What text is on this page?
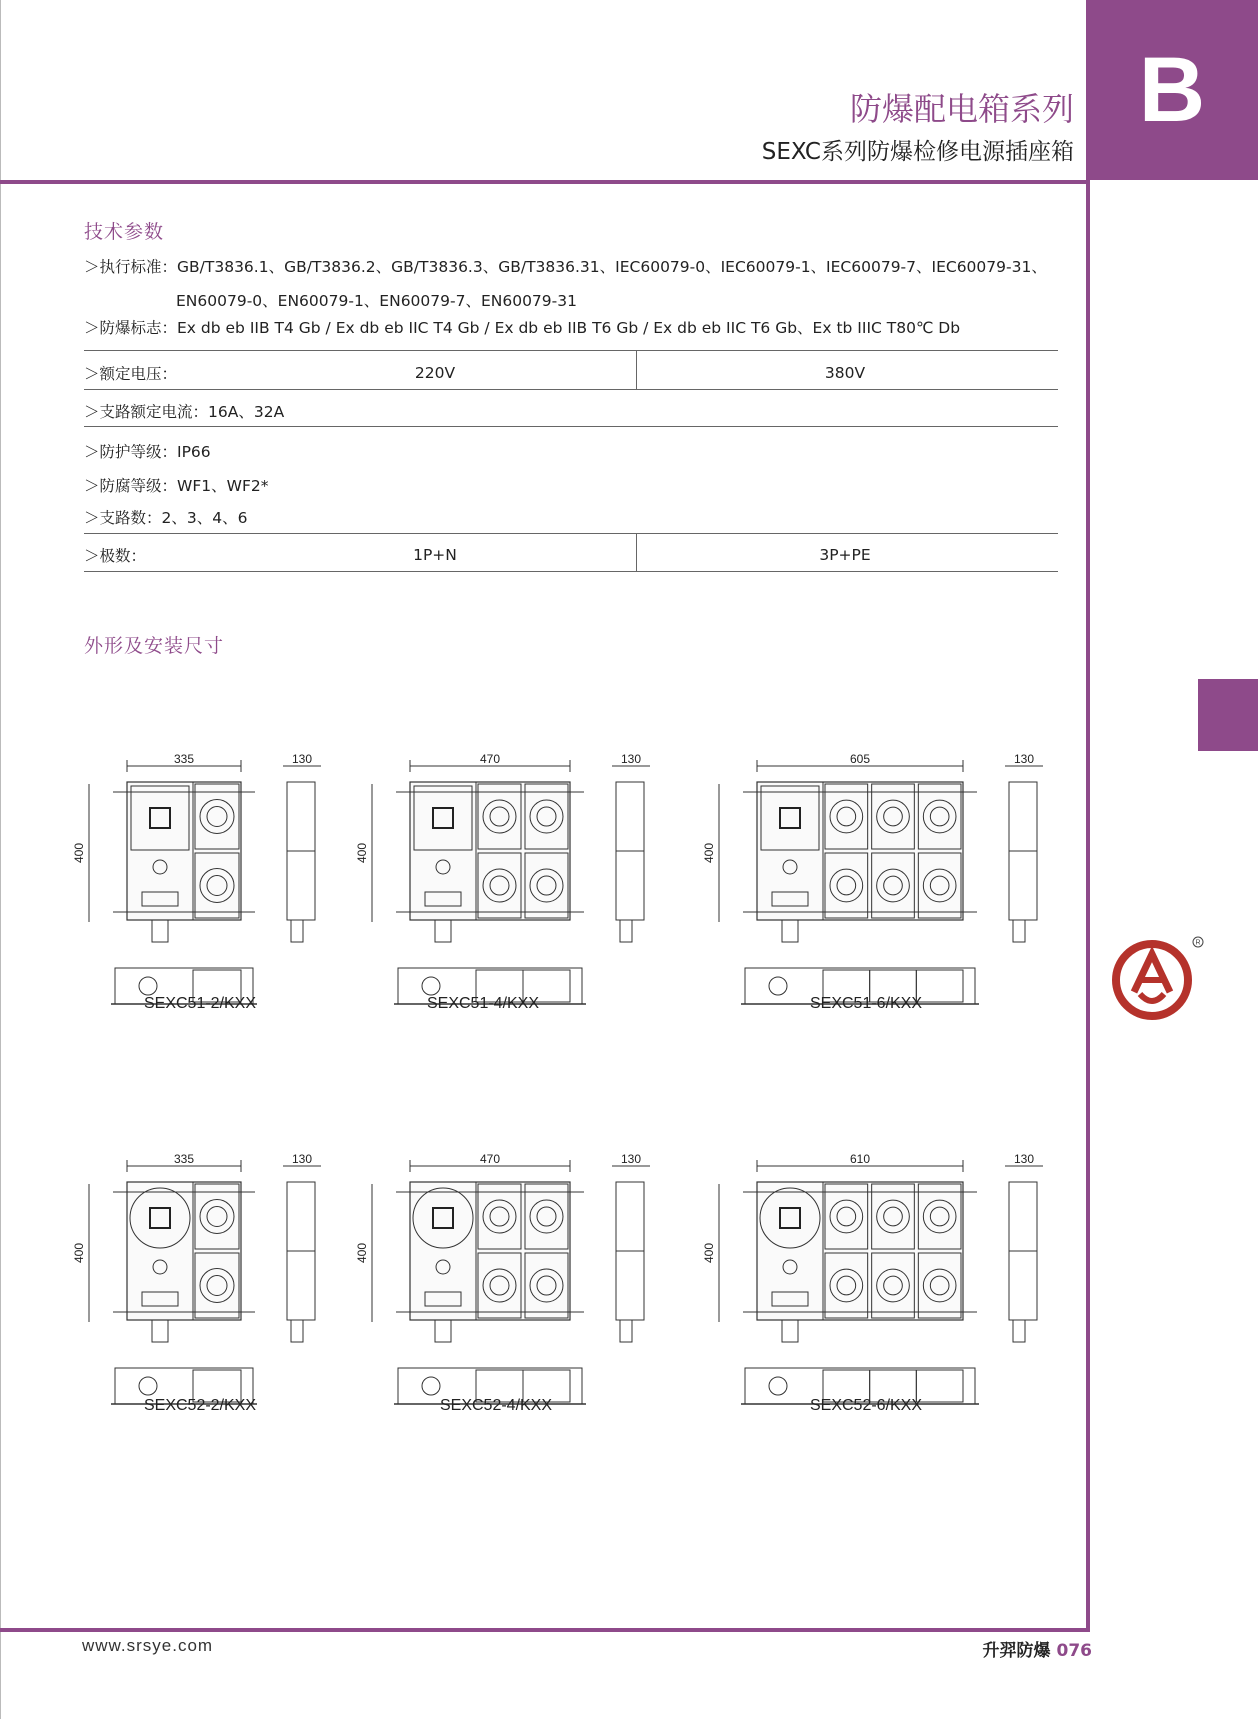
B
R
防爆配电箱系列
SEXC系列防爆检修电源插座箱
技术参数
＞执行标准：GB/T3836.1、GB/T3836.2、GB/T3836.3、GB/T3836.31、IEC60079-0、IEC60079-1、IEC60079-7、IEC60079-31、
EN60079-0、EN60079-1、EN60079-7、EN60079-31
＞防爆标志：Ex db eb IIB T4 Gb / Ex db eb IIC T4 Gb / Ex db eb IIB T6 Gb / Ex db eb IIC T6 Gb、Ex tb IIIC T80℃ Db
＞额定电压：	220V	380V
＞支路额定电流：16A、32A
＞防护等级：IP66
＞防腐等级：WF1、WF2*
＞支路数：2、3、4、6
＞极数：	1P+N	3P+PE
外形及安装尺寸
335
400
130	470
400
130	605
400
130
335
400
130	470
400
130	610
400
130
SEXC51-2/KXX	SEXC51-4/KXX	SEXC51-6/KXX
SEXC52-2/KXX	SEXC52-4/KXX	SEXC52-6/KXX
www.srsye.com	升羿防爆 076
